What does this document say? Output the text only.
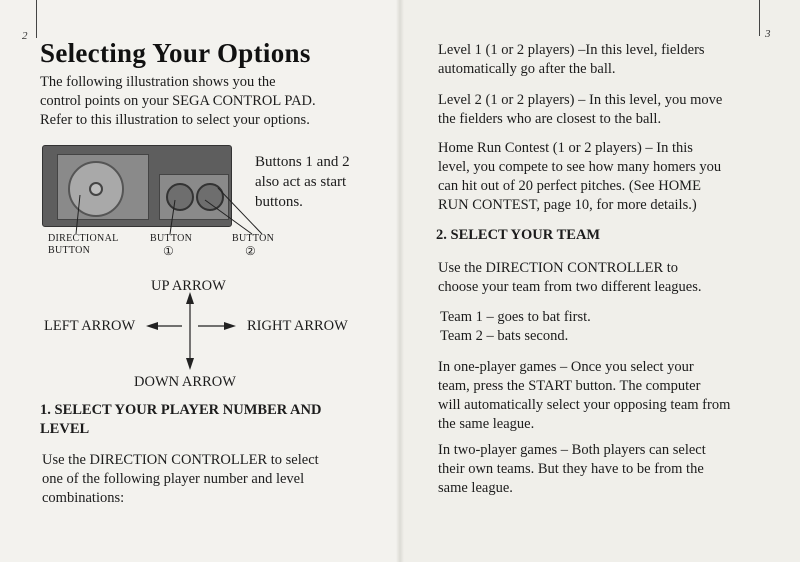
2	3
Selecting Your Options
The following illustration shows you the
control points on your SEGA CONTROL PAD.
Refer to this illustration to select your options.
Buttons 1 and 2
also act as start
buttons.
DIRECTIONAL
BUTTON
BUTTON
①
BUTTON
②
UP ARROW
LEFT ARROW	RIGHT ARROW
DOWN ARROW
1. SELECT YOUR PLAYER NUMBER AND
LEVEL
Use the DIRECTION CONTROLLER to select
one of the following player number and level
combinations:
Level 1 (1 or 2 players) –In this level, fielders
automatically go after the ball.
Level 2 (1 or 2 players) – In this level, you move
the fielders who are closest to the ball.
Home Run Contest (1 or 2 players) – In this
level, you compete to see how many homers you
can hit out of 20 perfect pitches. (See HOME
RUN CONTEST, page 10, for more details.)
2. SELECT YOUR TEAM
Use the DIRECTION CONTROLLER to
choose your team from two different leagues.
Team 1 – goes to bat first.
Team 2 – bats second.
In one-player games – Once you select your
team, press the START button. The computer
will automatically select your opposing team from
the same league.
In two-player games – Both players can select
their own teams. But they have to be from the
same league.
